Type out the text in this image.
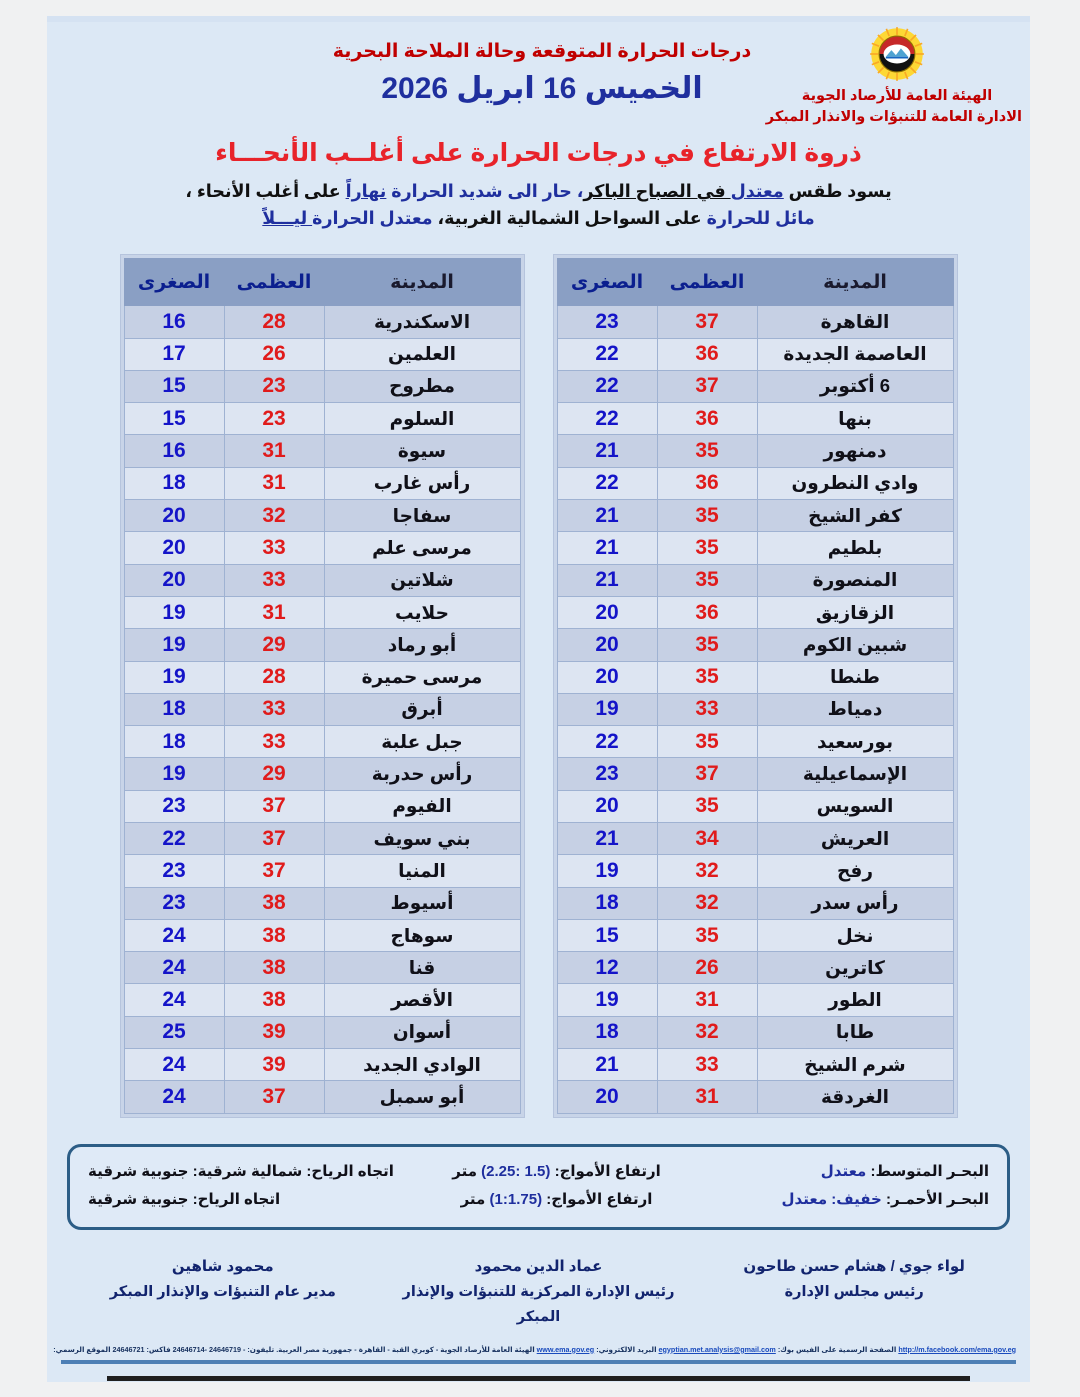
الهيئة العامة للأرصاد الجوية
الادارة العامة للتنبؤات والانذار المبكر
درجات الحرارة المتوقعة وحالة الملاحة البحرية
الخميس 16 ابريل 2026
ذروة الارتفاع في درجات الحرارة على أغلــب الأنحـــاء
يسود طقس معتدل في الصباح الباكر، حار الى شديد الحرارة نهاراً على أغلب الأنحاء ،
مائل للحرارة على السواحل الشمالية الغربية، معتدل الحرارة ليـــلاً
المدينة	العظمى	الصغرى
القاهرة	37	23
العاصمة الجديدة	36	22
6 أكتوبر	37	22
بنها	36	22
دمنهور	35	21
وادي النطرون	36	22
كفر الشيخ	35	21
بلطيم	35	21
المنصورة	35	21
الزقازيق	36	20
شبين الكوم	35	20
طنطا	35	20
دمياط	33	19
بورسعيد	35	22
الإسماعيلية	37	23
السويس	35	20
العريش	34	21
رفح	32	19
رأس سدر	32	18
نخل	35	15
كاترين	26	12
الطور	31	19
طابا	32	18
شرم الشيخ	33	21
الغردقة	31	20
المدينة	العظمى	الصغرى
الاسكندرية	28	16
العلمين	26	17
مطروح	23	15
السلوم	23	15
سيوة	31	16
رأس غارب	31	18
سفاجا	32	20
مرسى علم	33	20
شلاتين	33	20
حلايب	31	19
أبو رماد	29	19
مرسى حميرة	28	19
أبرق	33	18
جبل علبة	33	18
رأس حدربة	29	19
الفيوم	37	23
بني سويف	37	22
المنيا	37	23
أسيوط	38	23
سوهاج	38	24
قنا	38	24
الأقصر	38	24
أسوان	39	25
الوادي الجديد	39	24
أبو سمبل	37	24
البحـر المتوسط: معتدل
ارتفاع الأمواج: (1.5 :2.25) متر
اتجاه الرياح: شمالية شرقية: جنوبية شرقية
البحـر الأحمـر: خفيف: معتدل
ارتفاع الأمواج: (1:1.75) متر
اتجاه الرياح: جنوبية شرقية
لواء جوي / هشام حسن طاحون
رئيس مجلس الإدارة
عماد الدين محمود
رئيس الإدارة المركزية للتنبؤات والإنذار المبكر
محمود شاهين
مدير عام التنبؤات والإنذار المبكر
http://m.facebook.com/ema.gov.eg الصفحة الرسمية على الفيس بوك: egyptian.met.analysis@gmail.com البريد الالكتروني: www.ema.gov.eg الهيئة العامة للأرصاد الجوية - كوبري القبة - القاهرة - جمهورية مصر العربية. تليفون: - 24646719 -24646714 فاكس: 24646721 الموقع الرسمي:
